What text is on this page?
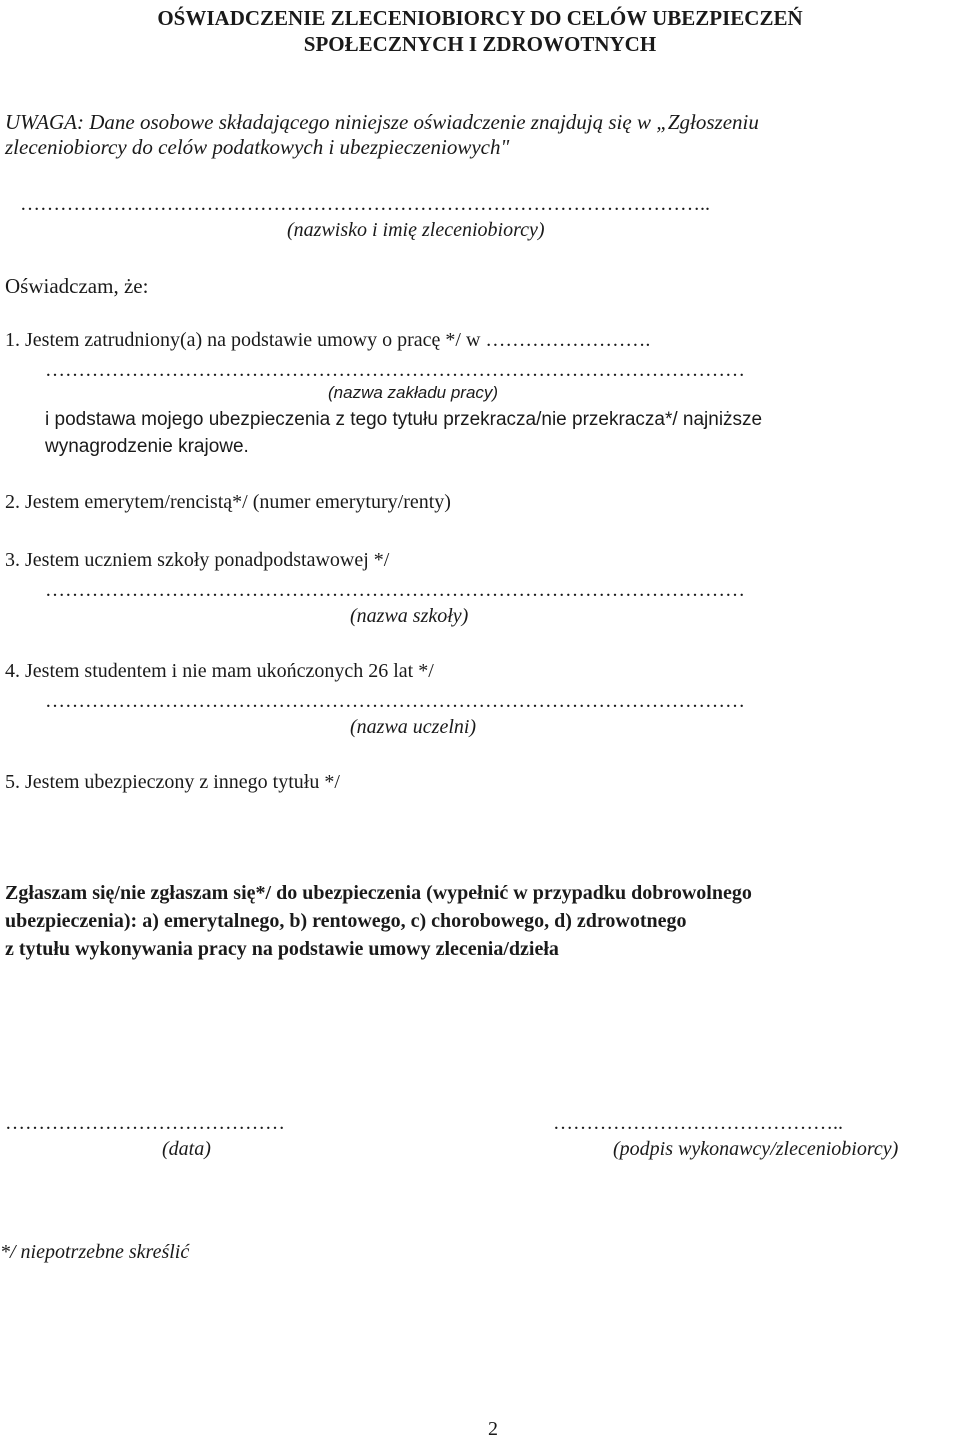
OŚWIADCZENIE ZLECENIOBIORCY DO CELÓW UBEZPIECZEŃ
SPOŁECZNYCH I ZDROWOTNYCH
UWAGA: Dane osobowe składającego niniejsze oświadczenie znajdują się w „Zgłoszeniu
zleceniobiorcy do celów podatkowych i ubezpieczeniowych"
…………………………………………………………………………………………..
(nazwisko i imię zleceniobiorcy)
Oświadczam, że:
1. Jestem zatrudniony(a) na podstawie umowy o pracę */ w …………………….
……………………………………………………………………………………………
(nazwa zakładu pracy)
i podstawa mojego ubezpieczenia z tego tytułu przekracza/nie przekracza*/ najniższe
wynagrodzenie krajowe.
2. Jestem emerytem/rencistą*/ (numer emerytury/renty)
3. Jestem uczniem szkoły ponadpodstawowej */
……………………………………………………………………………………………
(nazwa szkoły)
4. Jestem studentem i nie mam ukończonych 26 lat */
……………………………………………………………………………………………
(nazwa uczelni)
5. Jestem ubezpieczony z innego tytułu */
Zgłaszam się/nie zgłaszam się*/ do ubezpieczenia (wypełnić w przypadku dobrowolnego
ubezpieczenia): a) emerytalnego, b) rentowego, c) chorobowego, d) zdrowotnego
z tytułu wykonywania pracy na podstawie umowy zlecenia/dzieła
……………………………………
(data)
……………………………………..
(podpis wykonawcy/zleceniobiorcy)
*/ niepotrzebne skreślić
2
